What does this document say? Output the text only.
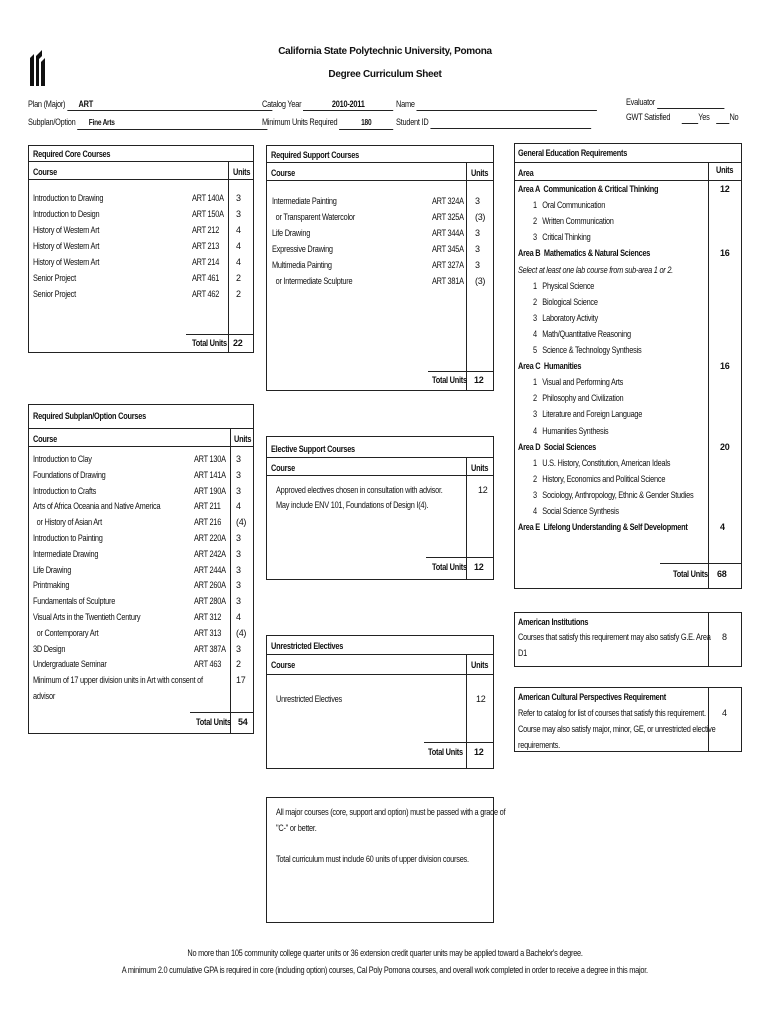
California State Polytechnic University, Pomona
Degree Curriculum Sheet
Plan (Major) ART
Subplan/Option Fine Arts
Catalog Year	2010-2011
Minimum Units Required	180
Name
Student ID
Evaluator
GWT Satisfied	Yes No
Required Core Courses
Course	Units
Introduction to Drawing	ART 140A 3
Introduction to Design	ART 150A 3
History of Western Art	ART 212 4
History of Western Art	ART 213 4
History of Western Art	ART 214 4
Senior Project	ART 461 2
Senior Project	ART 462 2
Total Units 22
Required Support Courses
Course	Units
Intermediate Painting	ART 324A 3
or Transparent Watercolor	ART 325A (3)
Life Drawing	ART 344A 3
Expressive Drawing	ART 345A 3
Multimedia Painting	ART 327A 3
or Intermediate Sculpture	ART 381A (3)
Total Units 12
Required Subplan/Option Courses
Course	Units
Introduction to Clay	ART 130A 3
Foundations of Drawing	ART 141A 3
Introduction to Crafts	ART 190A 3
Arts of Africa Oceania and Native America	ART 211 4
or History of Asian Art	ART 216 (4)
Introduction to Painting	ART 220A 3
Intermediate Drawing	ART 242A 3
Life Drawing	ART 244A 3
Printmaking	ART 260A 3
Fundamentals of Sculpture	ART 280A 3
Visual Arts in the Twentieth Century	ART 312 4
or Contemporary Art	ART 313 (4)
3D Design	ART 387A 3
Undergraduate Seminar	ART 463 2
Minimum of 17 upper division units in Art with consent of	17
advisor
Total Units 54
Elective Support Courses
Course	Units
Approved electives chosen in consultation with advisor.
May include ENV 101, Foundations of Design I(4).
12
Total Units 12
Unrestricted Electives
Course	Units
Unrestricted Electives	12
Total Units 12
All major courses (core, support and option) must be passed with a grade of
"C-" or better.
Total curriculum must include 60 units of upper division courses.
General Education Requirements
Area	Units
Area A  Communication & Critical Thinking	12
1   Oral Communication
2   Written Communication
3   Critical Thinking
Area B  Mathematics & Natural Sciences	16
Select at least one lab course from sub-area 1 or 2.
1   Physical Science
2   Biological Science
3   Laboratory Activity
4   Math/Quantitative Reasoning
5   Science & Technology Synthesis
Area C  Humanities	16
1   Visual and Performing Arts
2   Philosophy and Civilization
3   Literature and Foreign Language
4   Humanities Synthesis
Area D  Social Sciences	20
1   U.S. History, Constitution, American Ideals
2   History, Economics and Political Science
3   Sociology, Anthropology, Ethnic & Gender Studies
4   Social Science Synthesis
Area E  Lifelong Understanding & Self Development	4
Total Units 68
American Institutions
Courses that satisfy this requirement may also satisfy G.E. Area
D1
8
American Cultural Perspectives Requirement
Refer to catalog for list of courses that satisfy this requirement.
Course may also satisfy major, minor, GE, or unrestricted elective
requirements.
4
No more than 105 community college quarter units or 36 extension credit quarter units may be applied toward a Bachelor's degree.
A minimum 2.0 cumulative GPA is required in core (including option) courses, Cal Poly Pomona courses, and overall work completed in order to receive a degree in this major.
